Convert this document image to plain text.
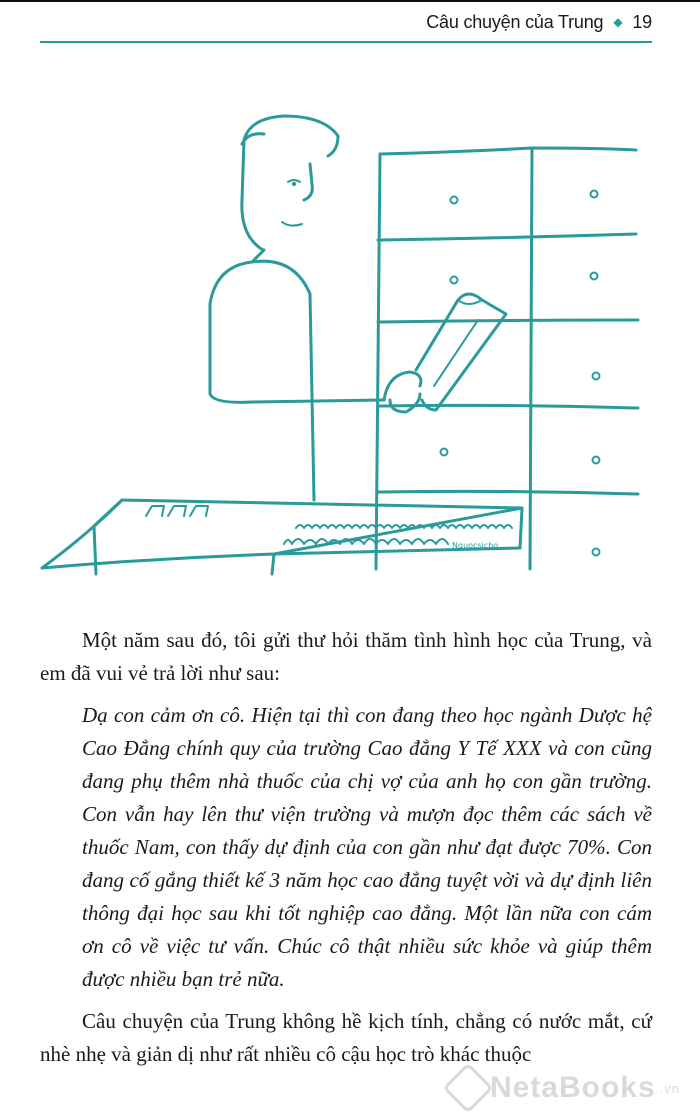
Câu chuyện của Trung ◆ 19
Nguocsicho

Một năm sau đó, tôi gửi thư hỏi thăm tình hình học của Trung, và em đã vui vẻ trả lời như sau:

Dạ con cảm ơn cô. Hiện tại thì con đang theo học ngành Dược hệ Cao Đẳng chính quy của trường Cao đẳng Y Tế XXX và con cũng đang phụ thêm nhà thuốc của chị vợ của anh họ con gần trường. Con vẫn hay lên thư viện trường và mượn đọc thêm các sách về thuốc Nam, con thấy dự định của con gần như đạt được 70%. Con đang cố gắng thiết kế 3 năm học cao đẳng tuyệt vời và dự định liên thông đại học sau khi tốt nghiệp cao đẳng. Một lần nữa con cám ơn cô về việc tư vấn. Chúc cô thật nhiều sức khỏe và giúp thêm được nhiều bạn trẻ nữa.

Câu chuyện của Trung không hề kịch tính, chẳng có nước mắt, cứ nhè nhẹ và giản dị như rất nhiều cô cậu học trò khác thuộc

NetaBooks .vn
